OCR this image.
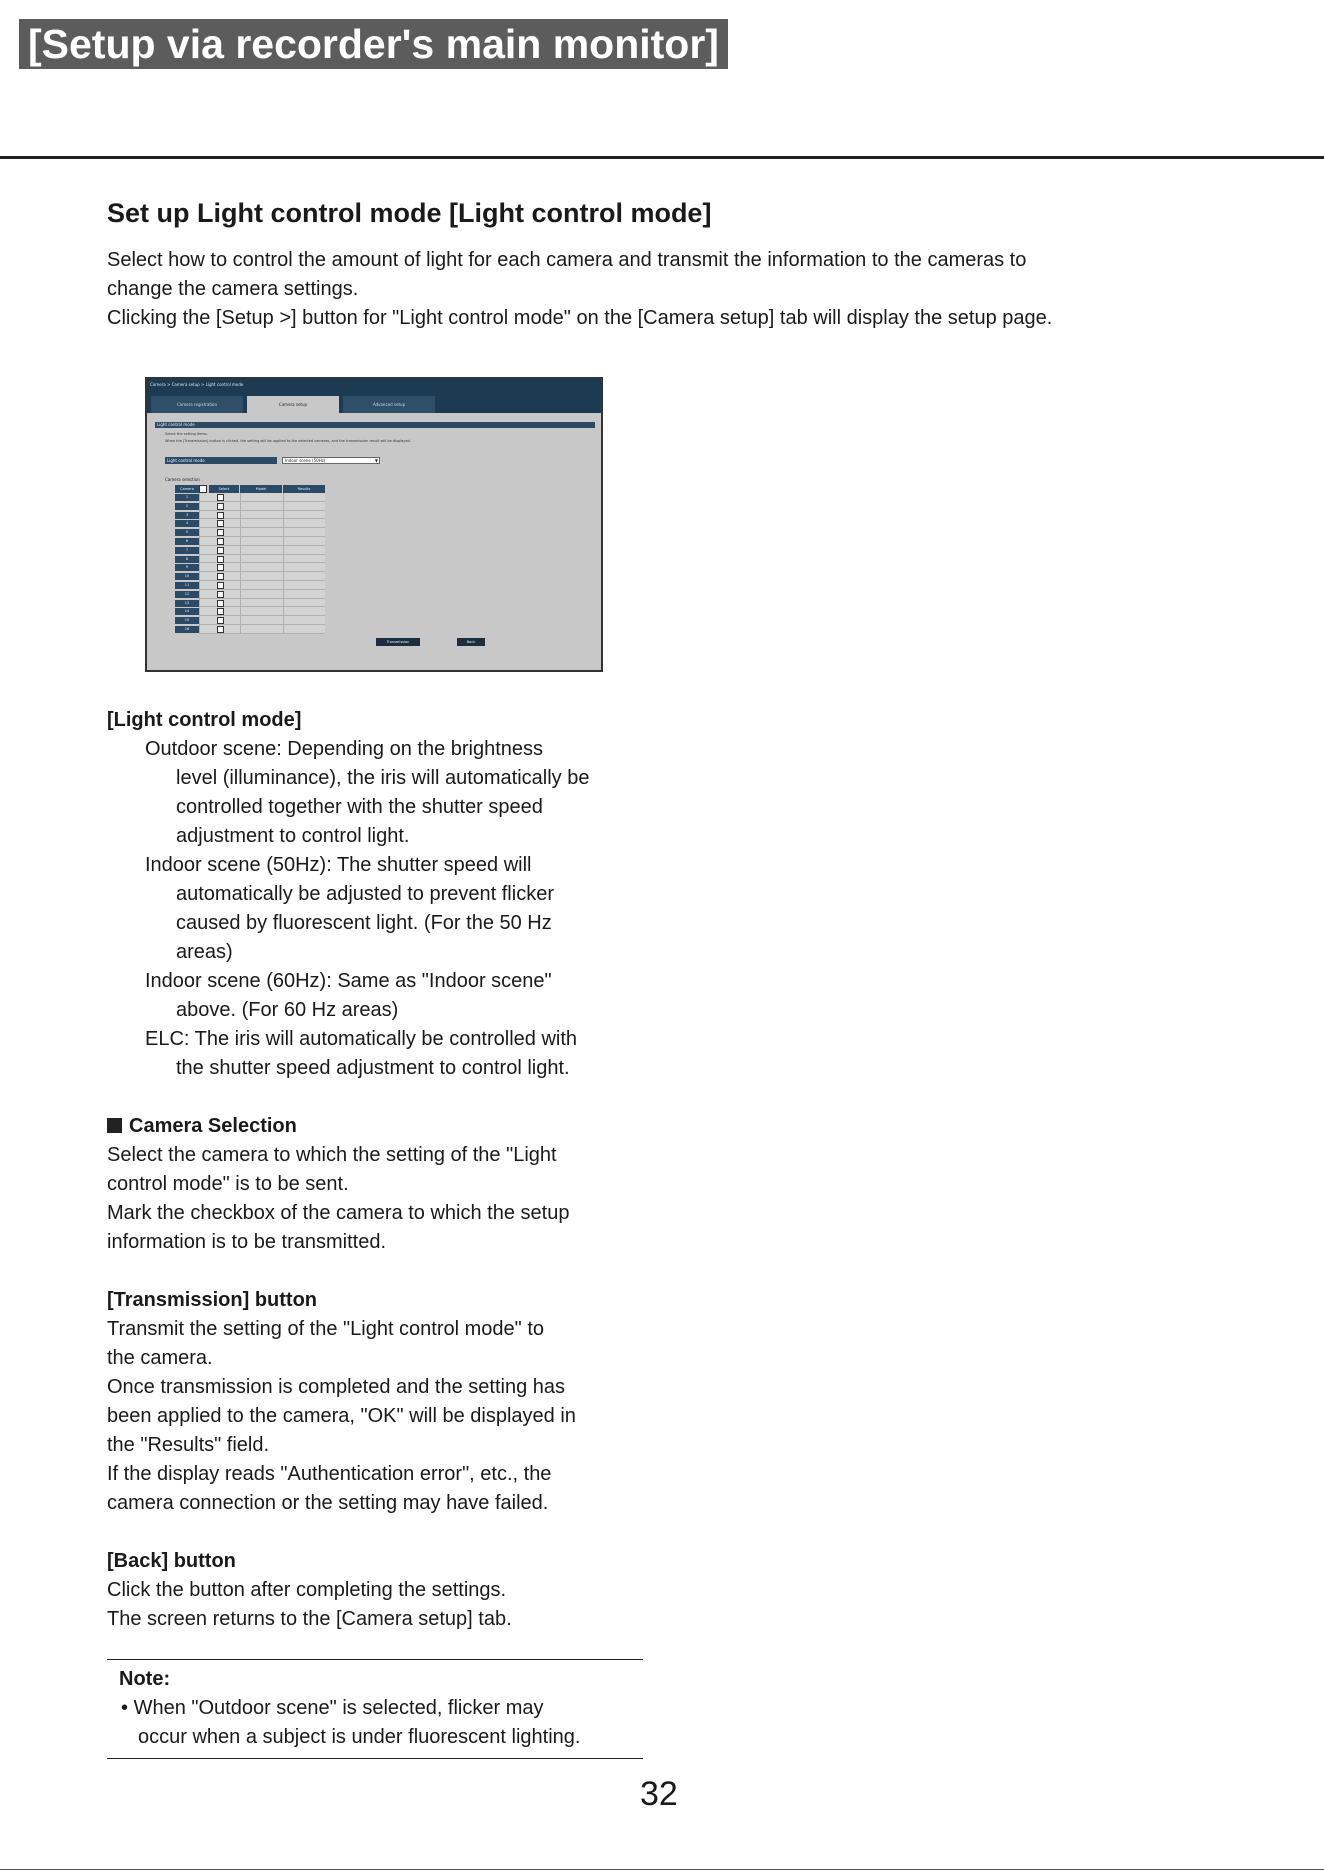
[Setup via recorder's main monitor]
Set up Light control mode [Light control mode]

Select how to control the amount of light for each camera and transmit the information to the cameras to

change the camera settings.

Clicking the [Setup >] button for "Light control mode" on the [Camera setup] tab will display the setup page.

Camera > Camera setup > Light control mode
Camera registration	Camera setup	Advanced setup
Light control mode
Select the setting items.
When the [Transmission] button is clicked, the setting will be applied to the selected cameras, and the transmission result will be displayed.
Light control mode	Indoor scene (50Hz)	▼
Camera selection
Camera	Select	Model	Results
1
2
3
4
5
6
7
8
9
10
11
12
13
14
15
16
Transmission	Back

[Light control mode]

Outdoor scene: Depending on the brightness
level (illuminance), the iris will automatically be
controlled together with the shutter speed
adjustment to control light.
Indoor scene (50Hz): The shutter speed will
automatically be adjusted to prevent flicker
caused by fluorescent light. (For the 50 Hz
areas)
Indoor scene (60Hz): Same as "Indoor scene"
above. (For 60 Hz areas)
ELC: The iris will automatically be controlled with
the shutter speed adjustment to control light.

Camera Selection

Select the camera to which the setting of the "Light

control mode" is to be sent.

Mark the checkbox of the camera to which the setup

information is to be transmitted.

[Transmission] button

Transmit the setting of the "Light control mode" to

the camera.

Once transmission is completed and the setting has

been applied to the camera, "OK" will be displayed in

the "Results" field.

If the display reads "Authentication error", etc., the

camera connection or the setting may have failed.

[Back] button

Click the button after completing the settings.

The screen returns to the [Camera setup] tab.

Note:
• When "Outdoor scene" is selected, flicker may
occur when a subject is under fluorescent lighting.
32
